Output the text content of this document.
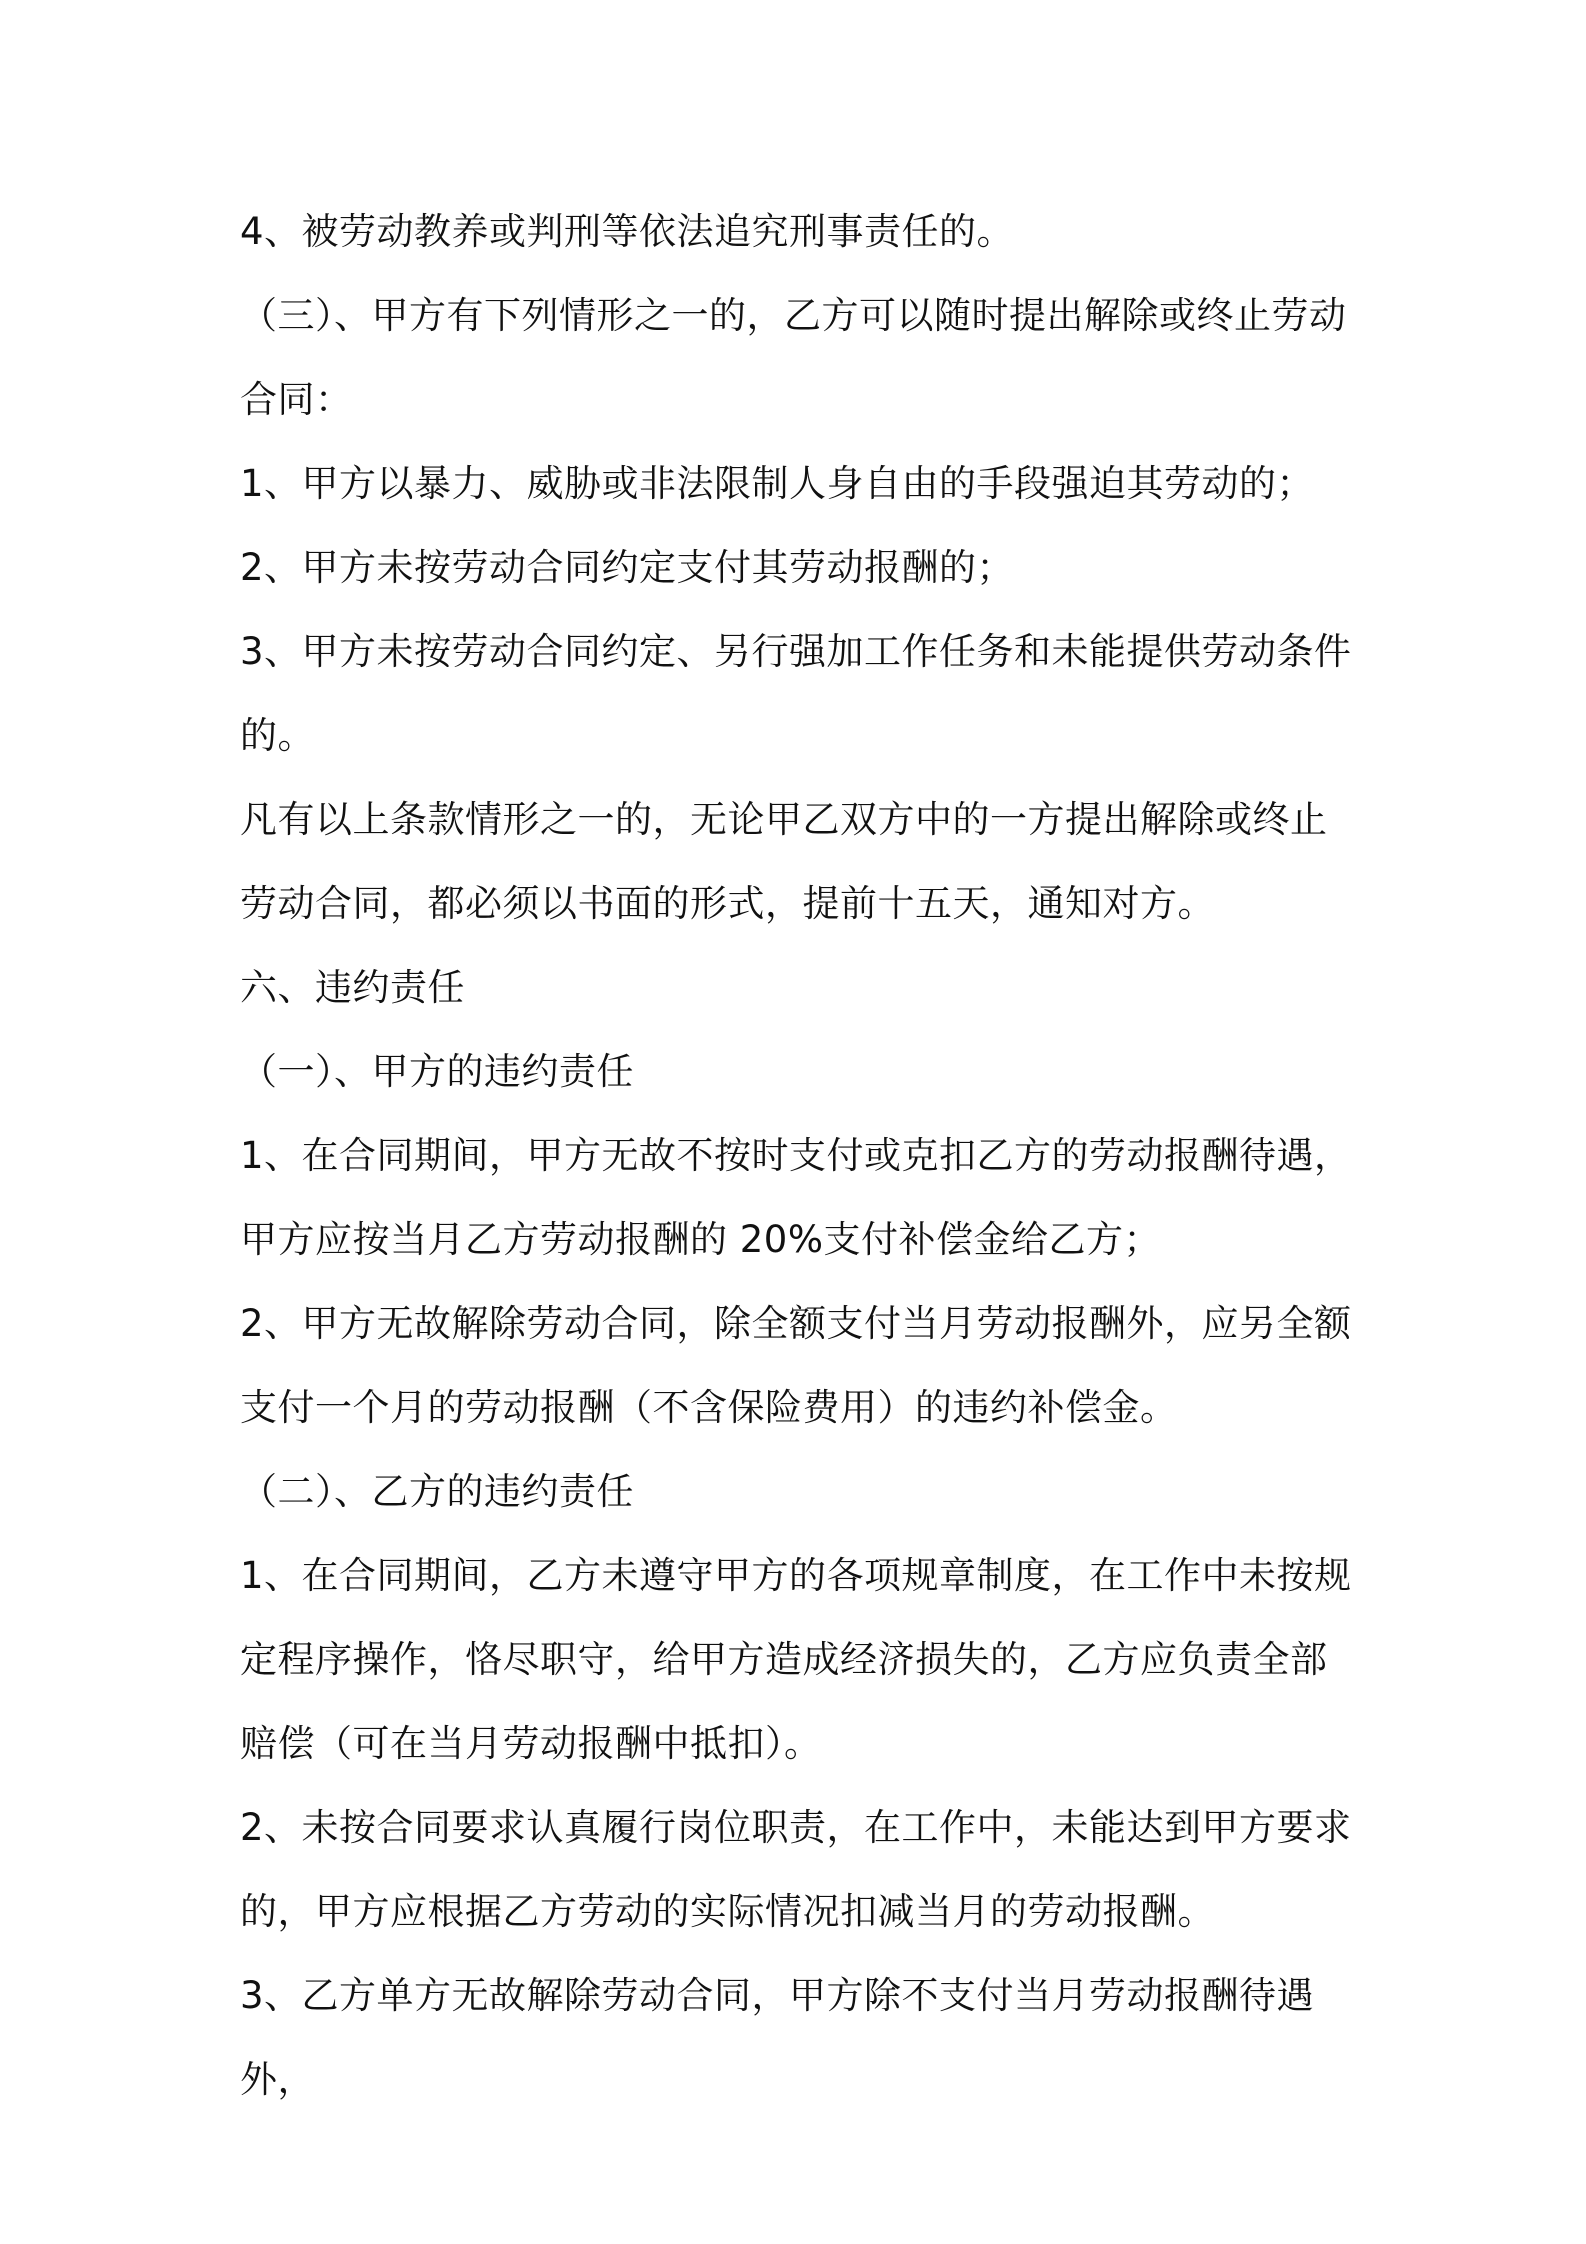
4、被劳动教养或判刑等依法追究刑事责任的。

（三）、甲方有下列情形之一的，乙方可以随时提出解除或终止劳动合同：

1、甲方以暴力、威胁或非法限制人身自由的手段强迫其劳动的；

2、甲方未按劳动合同约定支付其劳动报酬的；

3、甲方未按劳动合同约定、另行强加工作任务和未能提供劳动条件的。

凡有以上条款情形之一的，无论甲乙双方中的一方提出解除或终止劳动合同，都必须以书面的形式，提前十五天，通知对方。

六、违约责任

（一）、甲方的违约责任

1、在合同期间，甲方无故不按时支付或克扣乙方的劳动报酬待遇，甲方应按当月乙方劳动报酬的 20%支付补偿金给乙方；

2、甲方无故解除劳动合同，除全额支付当月劳动报酬外，应另全额支付一个月的劳动报酬（不含保险费用）的违约补偿金。

（二）、乙方的违约责任

1、在合同期间，乙方未遵守甲方的各项规章制度，在工作中未按规定程序操作，恪尽职守，给甲方造成经济损失的，乙方应负责全部赔偿（可在当月劳动报酬中抵扣）。

2、未按合同要求认真履行岗位职责，在工作中，未能达到甲方要求的，甲方应根据乙方劳动的实际情况扣减当月的劳动报酬。

3、乙方单方无故解除劳动合同，甲方除不支付当月劳动报酬待遇外，
